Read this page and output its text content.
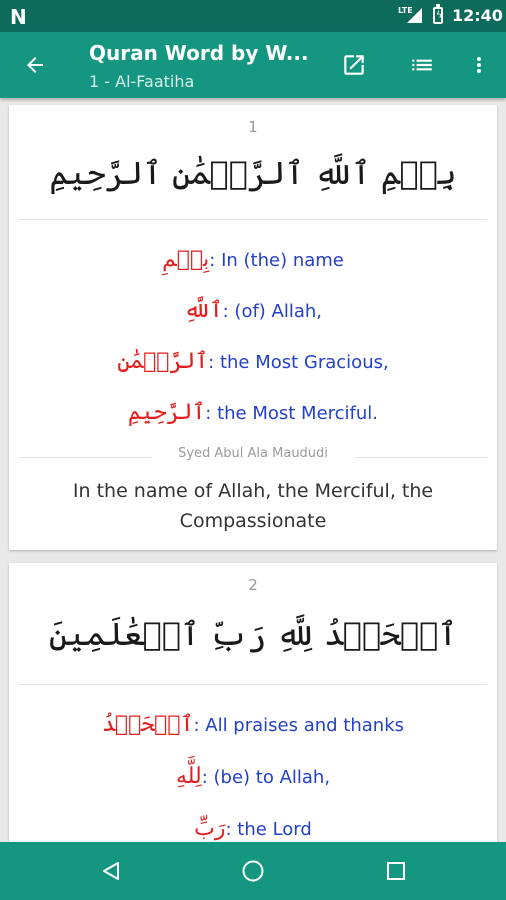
N	LTE ϟ 12:40
Quran Word by W...
1 - Al-Faatiha
1
بِسۡمِ ٱللَّهِ ٱلرَّحۡمَٰنِ ٱلرَّحِيمِ
بِسۡمِ: In (the) name
ٱللَّهِ: (of) Allah,
ٱلرَّحۡمَٰنِ: the Most Gracious,
ٱلرَّحِيمِ: the Most Merciful.
Syed Abul Ala Maududi
In the name of Allah, the Merciful, the Compassionate
2
ٱلۡحَمۡدُ لِلَّهِ رَبِّ ٱلۡعَٰلَمِينَ
ٱلۡحَمۡدُ: All praises and thanks
لِلَّهِ: (be) to Allah,
رَبِّ: the Lord
